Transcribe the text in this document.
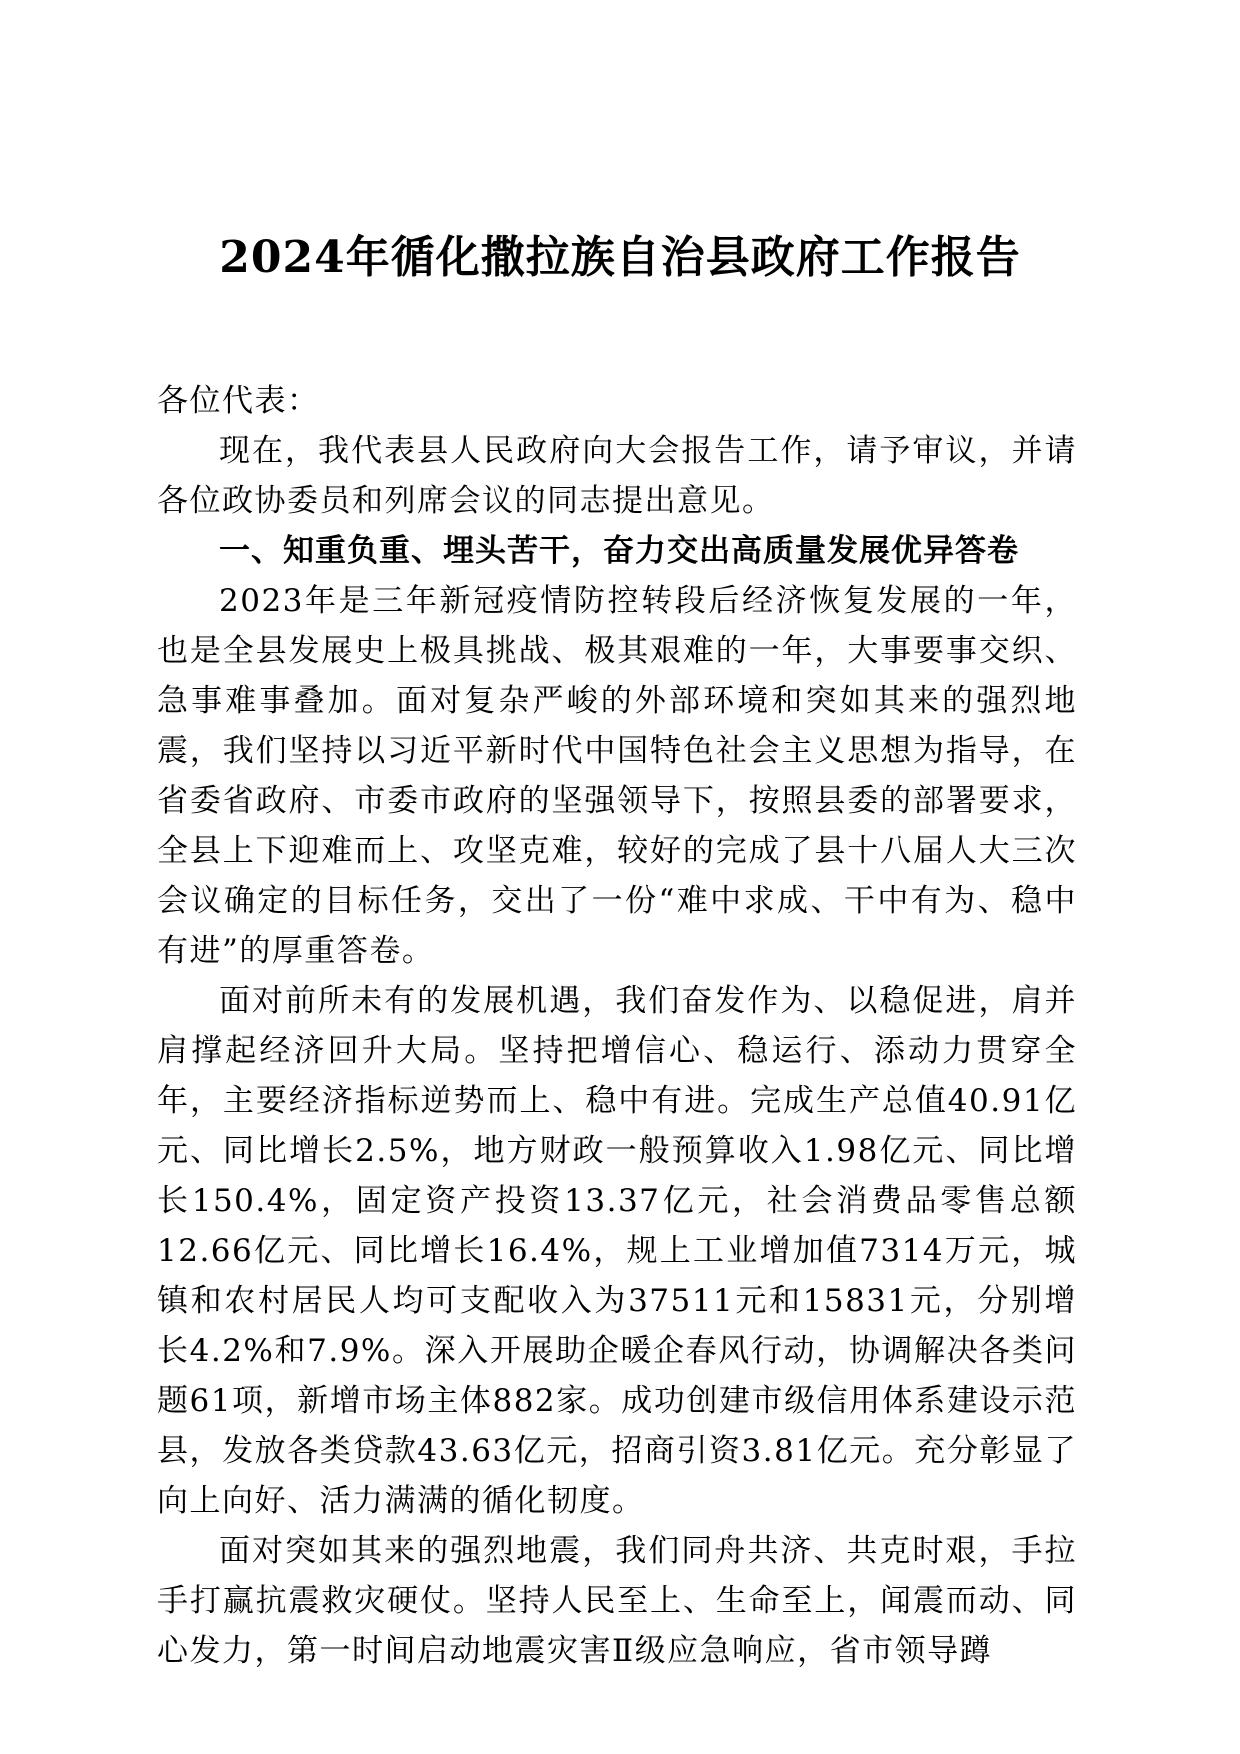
2024年循化撒拉族自治县政府工作报告

各位代表：

现在，我代表县人民政府向大会报告工作，请予审议，并请各位政协委员和列席会议的同志提出意见。

一、知重负重、埋头苦干，奋力交出高质量发展优异答卷

2023年是三年新冠疫情防控转段后经济恢复发展的一年，也是全县发展史上极具挑战、极其艰难的一年，大事要事交织、急事难事叠加。面对复杂严峻的外部环境和突如其来的强烈地震，我们坚持以习近平新时代中国特色社会主义思想为指导，在省委省政府、市委市政府的坚强领导下，按照县委的部署要求，全县上下迎难而上、攻坚克难，较好的完成了县十八届人大三次会议确定的目标任务，交出了一份“难中求成、干中有为、稳中有进”的厚重答卷。

面对前所未有的发展机遇，我们奋发作为、以稳促进，肩并肩撑起经济回升大局。坚持把增信心、稳运行、添动力贯穿全年，主要经济指标逆势而上、稳中有进。完成生产总值40.91亿元、同比增长2.5%，地方财政一般预算收入1.98亿元、同比增长150.4%，固定资产投资13.37亿元，社会消费品零售总额12.66亿元、同比增长16.4%，规上工业增加值7314万元，城镇和农村居民人均可支配收入为37511元和15831元，分别增长4.2%和7.9%。深入开展助企暖企春风行动，协调解决各类问题61项，新增市场主体882家。成功创建市级信用体系建设示范县，发放各类贷款43.63亿元，招商引资3.81亿元。充分彰显了向上向好、活力满满的循化韧度。

面对突如其来的强烈地震，我们同舟共济、共克时艰，手拉手打赢抗震救灾硬仗。坚持人民至上、生命至上，闻震而动、同心发力，第一时间启动地震灾害Ⅱ级应急响应，省市领导蹲
